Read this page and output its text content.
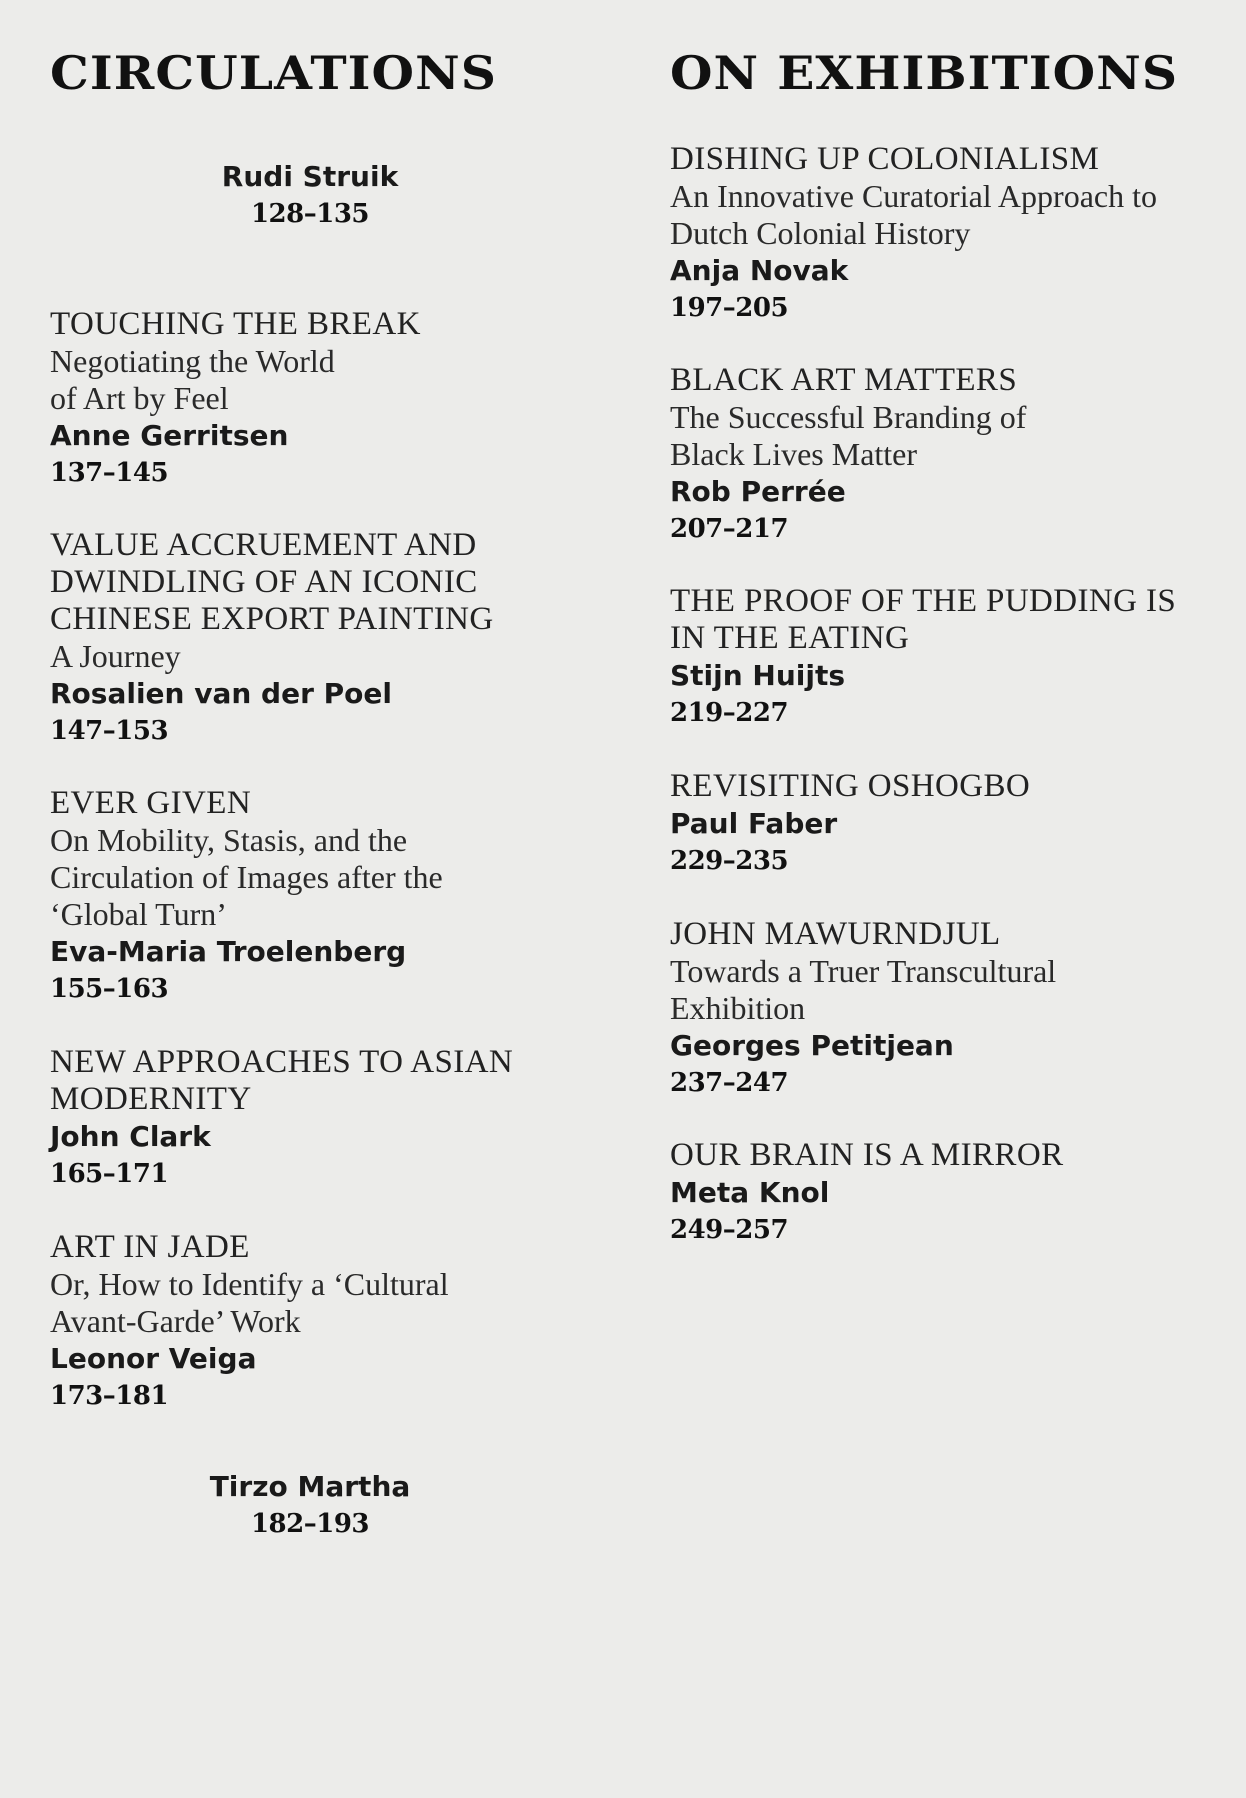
CIRCULATIONS
Rudi Struik
128–135
TOUCHING THE BREAK
Negotiating the World
of Art by Feel
Anne Gerritsen
137–145
VALUE ACCRUEMENT AND
DWINDLING OF AN ICONIC
CHINESE EXPORT PAINTING
A Journey
Rosalien van der Poel
147–153
EVER GIVEN
On Mobility, Stasis, and the
Circulation of Images after the
‘Global Turn’
Eva-Maria Troelenberg
155–163
NEW APPROACHES TO ASIAN
MODERNITY
John Clark
165–171
ART IN JADE
Or, How to Identify a ‘Cultural
Avant-Garde’ Work
Leonor Veiga
173–181
Tirzo Martha
182–193
ON EXHIBITIONS
DISHING UP COLONIALISM
An Innovative Curatorial Approach to
Dutch Colonial History
Anja Novak
197–205
BLACK ART MATTERS
The Successful Branding of
Black Lives Matter
Rob Perrée
207–217
THE PROOF OF THE PUDDING IS
IN THE EATING
Stijn Huijts
219–227
REVISITING OSHOGBO
Paul Faber
229–235
JOHN MAWURNDJUL
Towards a Truer Transcultural
Exhibition
Georges Petitjean
237–247
OUR BRAIN IS A MIRROR
Meta Knol
249–257
